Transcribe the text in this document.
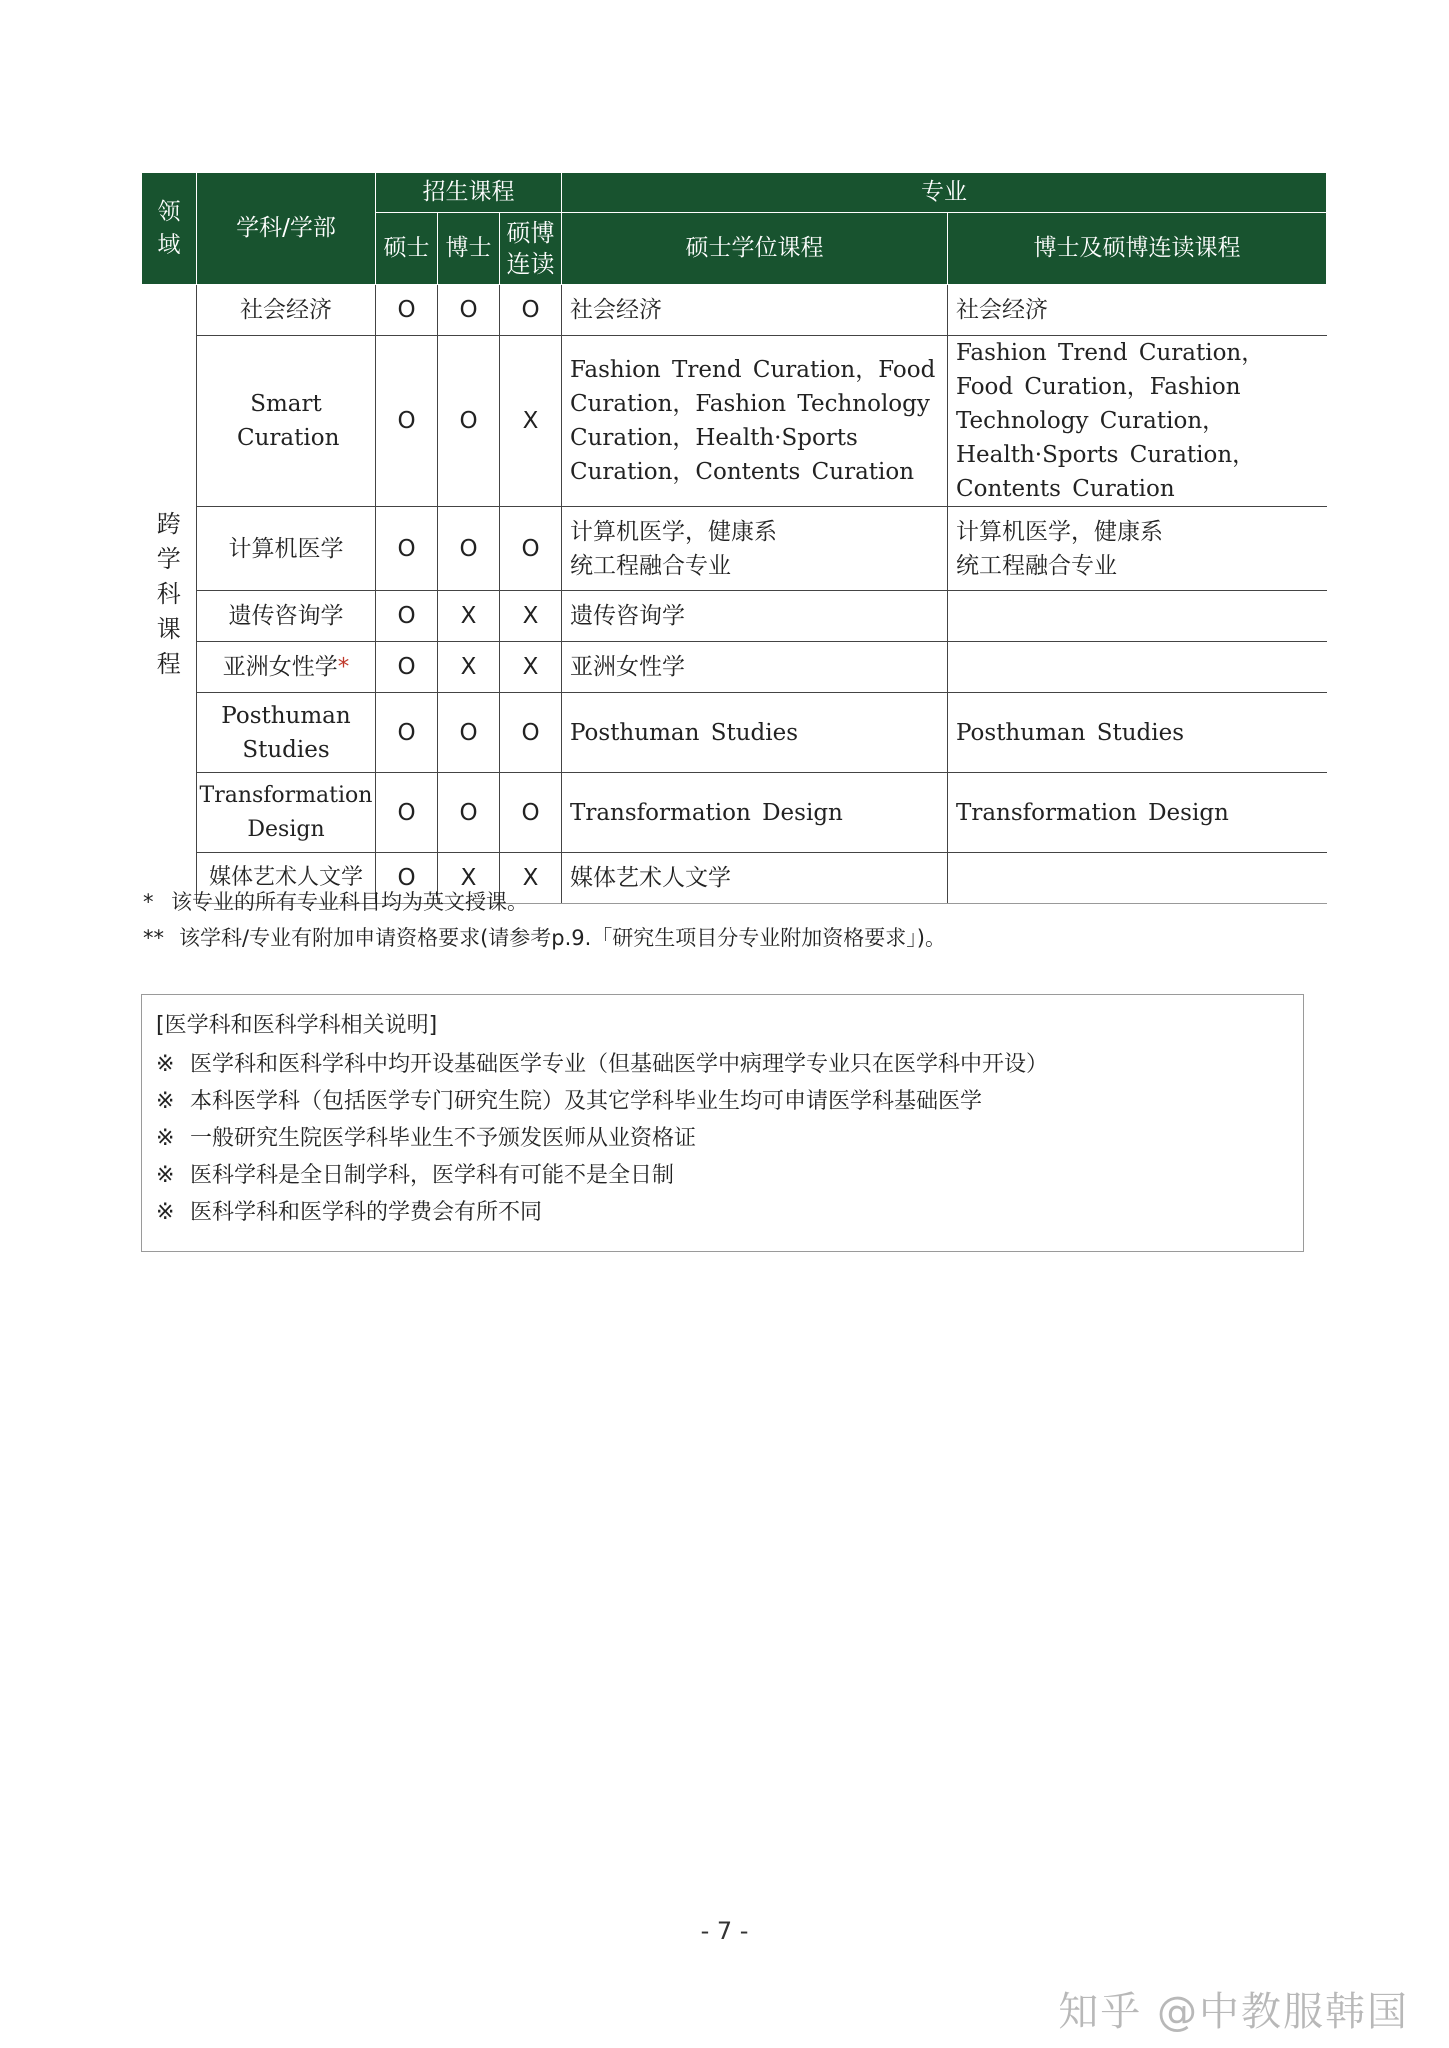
领域	学科/学部	招生课程			专业	
		硕士	博士	硕博连读	硕士学位课程	博士及硕博连读课程

跨学科课程	社会经济	O	O	O	社会经济	社会经济
	Smart Curation	O	O	X	Fashion Trend Curation，Food Curation，Fashion Technology Curation，Health·Sports Curation，Contents Curation	Fashion Trend Curation，Food Curation，Fashion Technology Curation，Health·Sports Curation，Contents Curation
	计算机医学	O	O	O	计算机医学，健康系统工程融合专业	计算机医学，健康系统工程融合专业
	遗传咨询学	O	X	X	遗传咨询学	
	亚洲女性学*	O	X	X	亚洲女性学	
	Posthuman Studies	O	O	O	Posthuman Studies	Posthuman Studies
	Transformation Design	O	O	O	Transformation Design	Transformation Design
	媒体艺术人文学	O	X	X	媒体艺术人文学	
* 该专业的所有专业科目均为英文授课。
** 该学科/专业有附加申请资格要求(请参考p.9.「研究生项目分专业附加资格要求」)。
[医学科和医科学科相关说明]
※ 医学科和医科学科中均开设基础医学专业（但基础医学中病理学专业只在医学科中开设）
※ 本科医学科（包括医学专门研究生院）及其它学科毕业生均可申请医学科基础医学
※ 一般研究生院医学科毕业生不予颁发医师从业资格证
※ 医科学科是全日制学科，医学科有可能不是全日制
※ 医科学科和医学科的学费会有所不同
- 7 -
知乎 @中教服韩国
